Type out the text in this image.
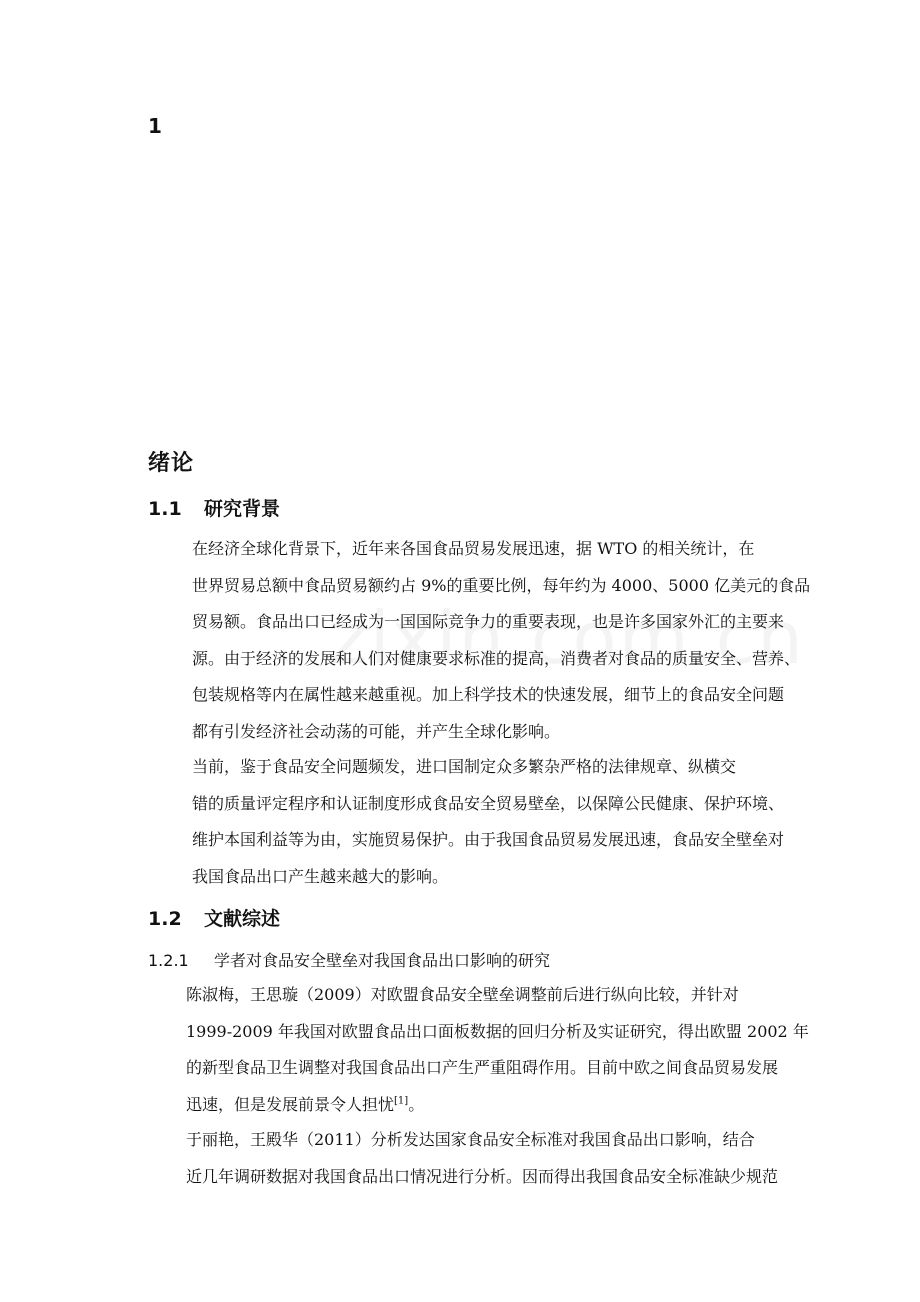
1
绪论
1.1 研究背景

在经济全球化背景下，近年来各国食品贸易发展迅速，据 WTO 的相关统计，在
世界贸易总额中食品贸易额约占 9%的重要比例，每年约为 4000、5000 亿美元的食品
贸易额。食品出口已经成为一国国际竞争力的重要表现，也是许多国家外汇的主要来
源。由于经济的发展和人们对健康要求标准的提高，消费者对食品的质量安全、营养、
包装规格等内在属性越来越重视。加上科学技术的快速发展，细节上的食品安全问题
都有引发经济社会动荡的可能，并产生全球化影响。

当前，鉴于食品安全问题频发，进口国制定众多繁杂严格的法律规章、纵横交
错的质量评定程序和认证制度形成食品安全贸易壁垒，以保障公民健康、保护环境、
维护本国利益等为由，实施贸易保护。由于我国食品贸易发展迅速，食品安全壁垒对
我国食品出口产生越来越大的影响。

1.2 文献综述
1.2.1 学者对食品安全壁垒对我国食品出口影响的研究

陈淑梅，王思璇（2009）对欧盟食品安全壁垒调整前后进行纵向比较，并针对
1999-2009 年我国对欧盟食品出口面板数据的回归分析及实证研究，得出欧盟 2002 年
的新型食品卫生调整对我国食品出口产生严重阻碍作用。目前中欧之间食品贸易发展
迅速，但是发展前景令人担忧[1]。

于丽艳，王殿华（2011）分析发达国家食品安全标准对我国食品出口影响，结合
近几年调研数据对我国食品出口情况进行分析。因而得出我国食品安全标准缺少规范
